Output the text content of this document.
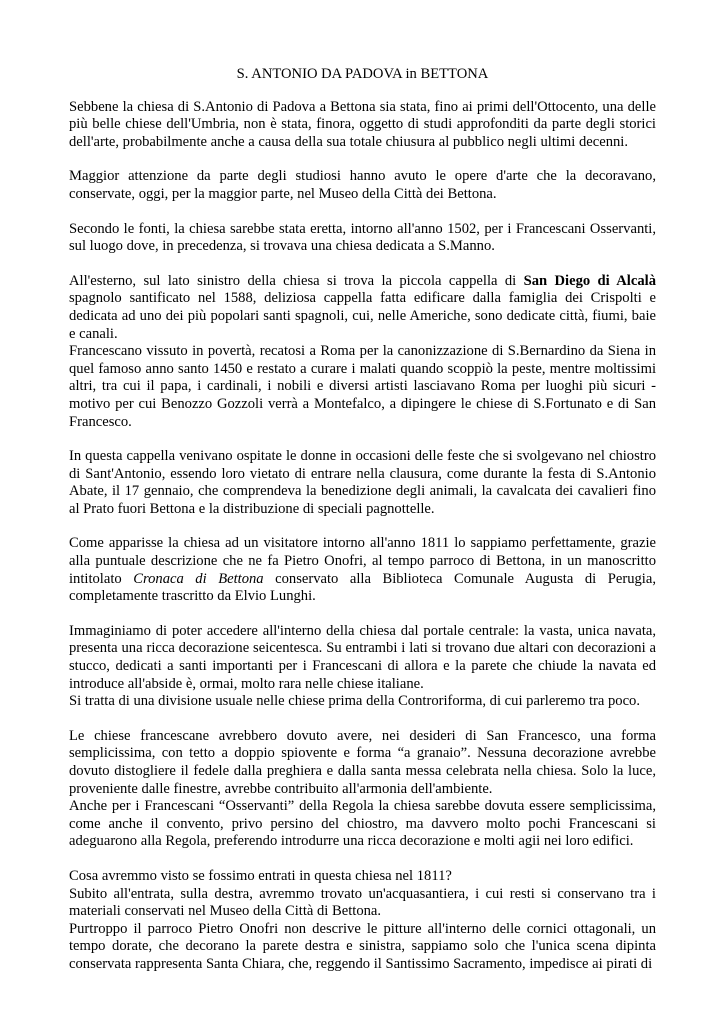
S. ANTONIO DA PADOVA in BETTONA

Sebbene la chiesa di S.Antonio di Padova a Bettona sia stata, fino ai primi dell'Ottocento, una delle più belle chiese dell'Umbria, non è stata, finora, oggetto di studi approfonditi da parte degli storici dell'arte, probabilmente anche a causa della sua totale chiusura al pubblico negli ultimi decenni.

Maggior attenzione da parte degli studiosi hanno avuto le opere d'arte che la decoravano, conservate, oggi, per la maggior parte, nel Museo della Città dei Bettona.

Secondo le fonti, la chiesa sarebbe stata eretta, intorno all'anno 1502, per i Francescani Osservanti, sul luogo dove, in precedenza, si trovava una chiesa dedicata a S.Manno.

All'esterno, sul lato sinistro della chiesa si trova la piccola cappella di San Diego di Alcalà spagnolo santificato nel 1588, deliziosa cappella fatta edificare dalla famiglia dei Crispolti e dedicata ad uno dei più popolari santi spagnoli, cui, nelle Americhe, sono dedicate città, fiumi, baie e canali.

Francescano vissuto in povertà, recatosi a Roma per la canonizzazione di S.Bernardino da Siena in quel famoso anno santo 1450 e restato a curare i malati quando scoppiò la peste, mentre moltissimi altri, tra cui il papa, i cardinali, i nobili e diversi artisti lasciavano Roma per luoghi più sicuri - motivo per cui Benozzo Gozzoli verrà a Montefalco, a dipingere le chiese di S.Fortunato e di San Francesco.

In questa cappella venivano ospitate le donne in occasioni delle feste che si svolgevano nel chiostro di Sant'Antonio, essendo loro vietato di entrare nella clausura, come durante la festa di S.Antonio Abate, il 17 gennaio, che comprendeva la benedizione degli animali, la cavalcata dei cavalieri fino al Prato fuori Bettona e la distribuzione di speciali pagnottelle.

Come apparisse la chiesa ad un visitatore intorno all'anno 1811 lo sappiamo perfettamente, grazie alla puntuale descrizione che ne fa Pietro Onofri, al tempo parroco di Bettona, in un manoscritto intitolato Cronaca di Bettona conservato alla Biblioteca Comunale Augusta di Perugia, completamente trascritto da Elvio Lunghi.

Immaginiamo di poter accedere all'interno della chiesa dal portale centrale: la vasta, unica navata, presenta una ricca decorazione seicentesca. Su entrambi i lati si trovano due altari con decorazioni a stucco, dedicati a santi importanti per i Francescani di allora e la parete che chiude la navata ed introduce all'abside è, ormai, molto rara nelle chiese italiane.

Si tratta di una divisione usuale nelle chiese prima della Controriforma, di cui parleremo tra poco.

Le chiese francescane avrebbero dovuto avere, nei desideri di San Francesco, una forma semplicissima, con tetto a doppio spiovente e forma “a granaio”. Nessuna decorazione avrebbe dovuto distogliere il fedele dalla preghiera e dalla santa messa celebrata nella chiesa. Solo la luce, proveniente dalle finestre, avrebbe contribuito all'armonia dell'ambiente.

Anche per i Francescani “Osservanti” della Regola la chiesa sarebbe dovuta essere semplicissima, come anche il convento, privo persino del chiostro, ma davvero molto pochi Francescani si adeguarono alla Regola, preferendo introdurre una ricca decorazione e molti agii nei loro edifici.

Cosa avremmo visto se fossimo entrati in questa chiesa nel 1811?

Subito all'entrata, sulla destra, avremmo trovato un'acquasantiera, i cui resti si conservano tra i materiali conservati nel Museo della Città di Bettona.

Purtroppo il parroco Pietro Onofri non descrive le pitture all'interno delle cornici ottagonali, un tempo dorate, che decorano la parete destra e sinistra, sappiamo solo che l'unica scena dipinta conservata rappresenta Santa Chiara, che, reggendo il Santissimo Sacramento, impedisce ai pirati di
